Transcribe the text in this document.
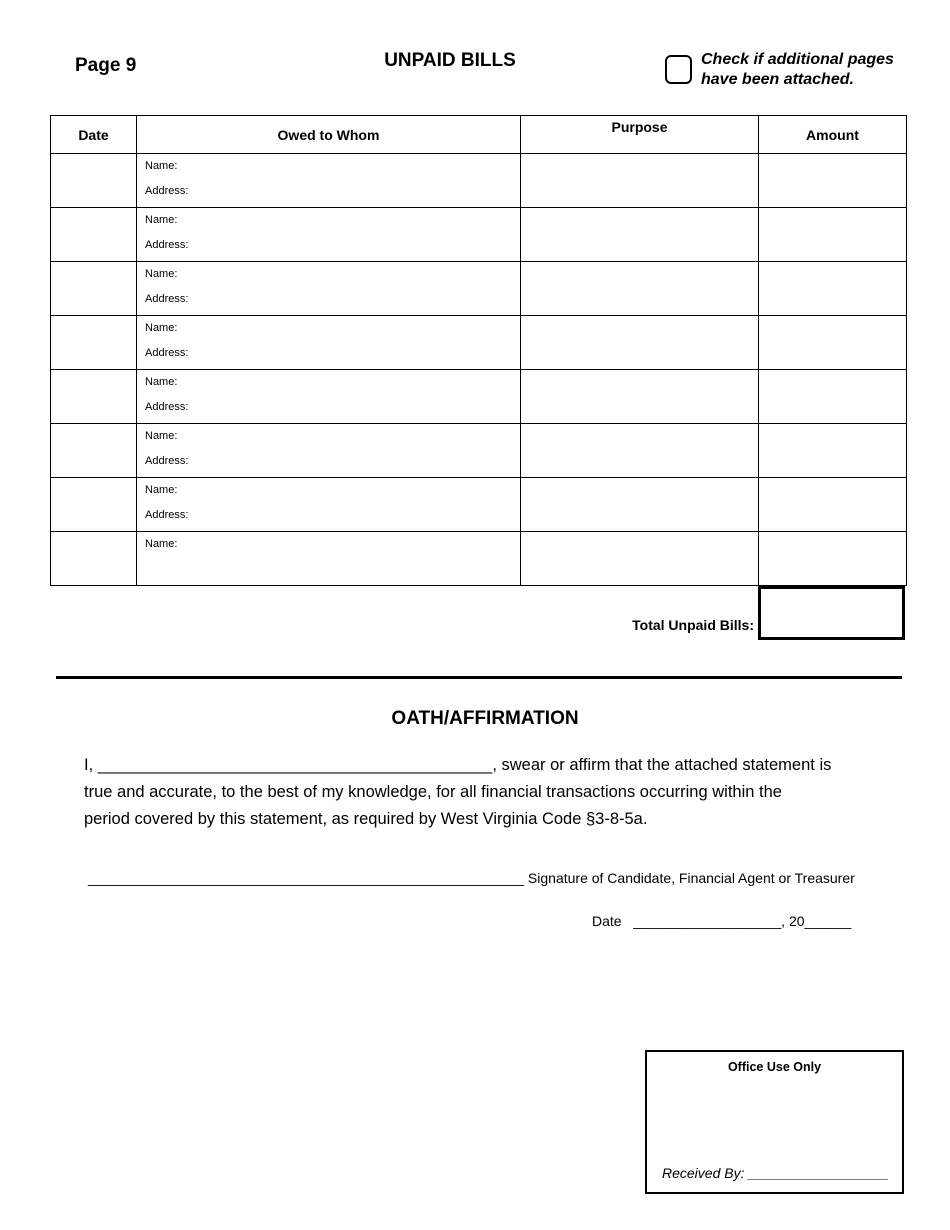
Page 9	UNPAID BILLS	Check if additional pages
have been attached.
Date	Owed to Whom	Purpose	Amount

	Name:
Address:		

	Name:
Address:		

	Name:
Address:		

	Name:
Address:		

	Name:
Address:		

	Name:
Address:		

	Name:
Address:		

	Name:		

Total Unpaid Bills:
OATH/AFFIRMATION
I, ___________________________________________, swear or affirm that the attached statement is
true and accurate, to the best of my knowledge, for all financial transactions occurring within the
period covered by this statement, as required by West Virginia Code §3-8-5a.
________________________________________________________ Signature of Candidate, Financial Agent or Treasurer
Date ___________________, 20______
Office Use Only
Received By: __________________
